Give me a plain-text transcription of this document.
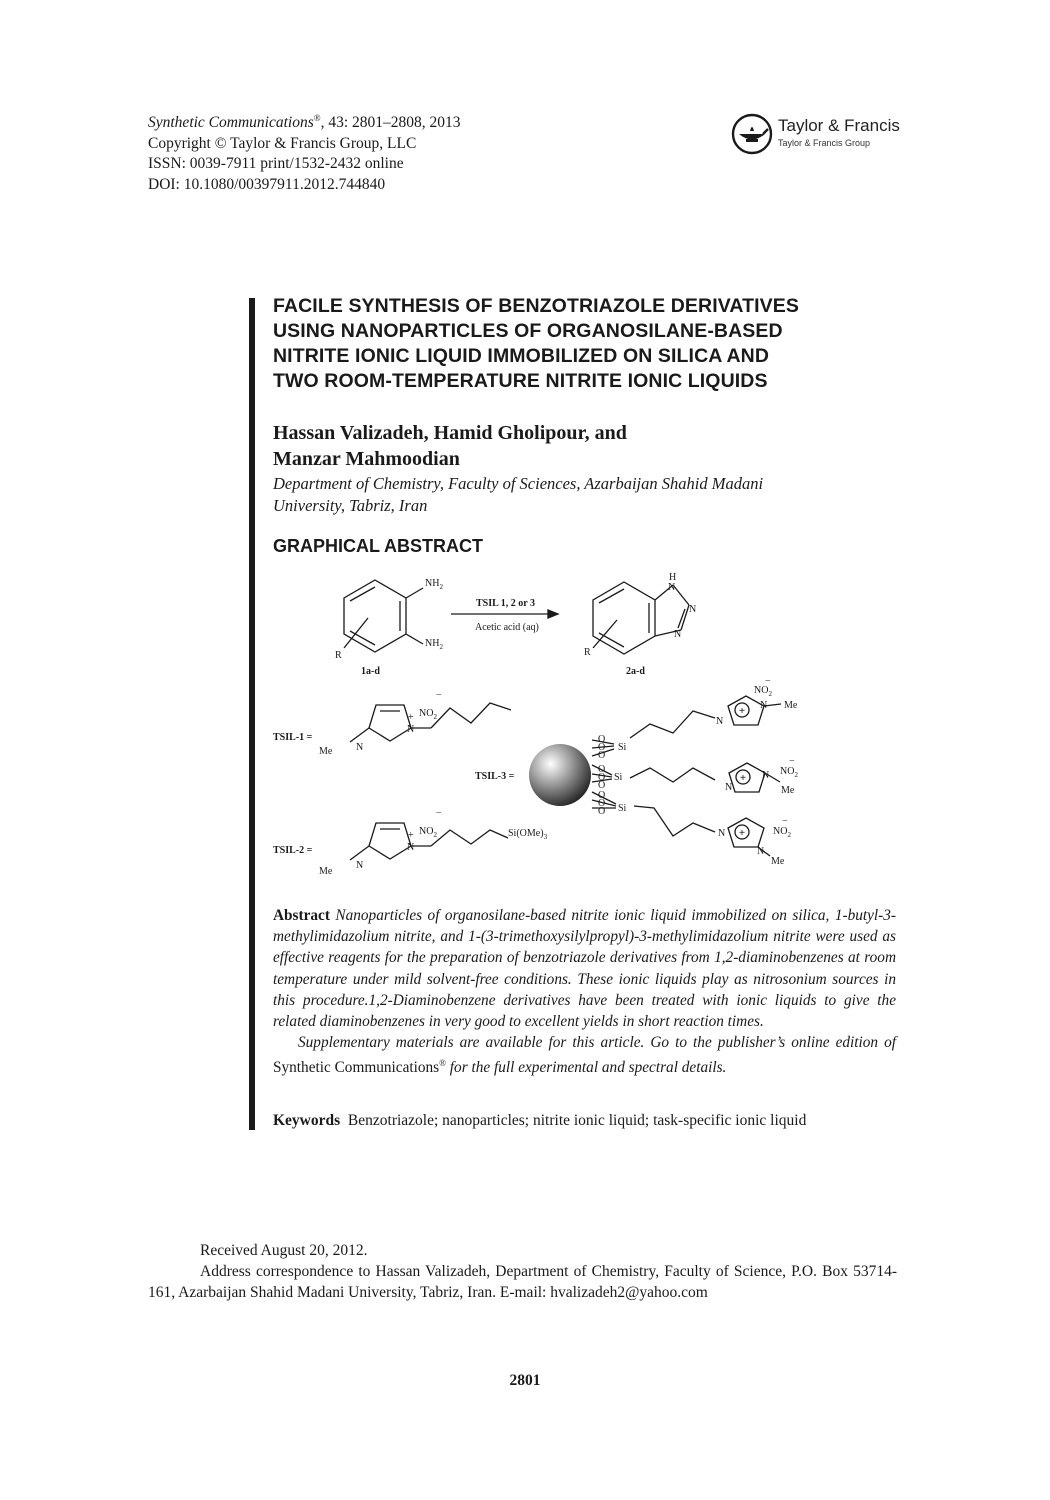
Synthetic Communications®, 43: 2801–2808, 2013
Copyright © Taylor & Francis Group, LLC
ISSN: 0039-7911 print/1532-2432 online
DOI: 10.1080/00397911.2012.744840
Taylor & Francis
Taylor & Francis Group
FACILE SYNTHESIS OF BENZOTRIAZOLE DERIVATIVES
USING NANOPARTICLES OF ORGANOSILANE-BASED
NITRITE IONIC LIQUID IMMOBILIZED ON SILICA AND
TWO ROOM-TEMPERATURE NITRITE IONIC LIQUIDS
Hassan Valizadeh, Hamid Gholipour, and
Manzar Mahmoodian
Department of Chemistry, Faculty of Sciences, Azarbaijan Shahid Madani
University, Tabriz, Iran
GRAPHICAL ABSTRACT
$NH_2$
$NH_2$
R
1a-d
TSIL 1, 2 or 3
Acetic acid (aq)
H
N
N
N
R
2a-d
TSIL-1 =
N
Me
N
+ $NO_2$
−
TSIL-2 =
N
Me
N
+ $NO_2$
−
$Si(OMe)_3$
TSIL-3 =
O
O
O
Si
O
O
O
Si
O
O
O Si
N
N Me
$NO_2$
−
N
N
Me
$NO_2$
−
N
N
Me
$NO_2$
−
+
+
+

Abstract Nanoparticles of organosilane-based nitrite ionic liquid immobilized on silica, 1-butyl-3-methylimidazolium nitrite, and 1-(3-trimethoxysilylpropyl)-3-methylimidazolium nitrite were used as effective reagents for the preparation of benzotriazole derivatives from 1,2-diaminobenzenes at room temperature under mild solvent-free conditions. These ionic liquids play as nitrosonium sources in this procedure.1,2-Diaminobenzene derivatives have been treated with ionic liquids to give the related diaminobenzenes in very good to excellent yields in short reaction times.

Supplementary materials are available for this article. Go to the publisher’s online edition of Synthetic Communications® for the full experimental and spectral details.

Keywords Benzotriazole; nanoparticles; nitrite ionic liquid; task-specific ionic liquid

Received August 20, 2012.

Address correspondence to Hassan Valizadeh, Department of Chemistry, Faculty of Science, P.O. Box 53714-161, Azarbaijan Shahid Madani University, Tabriz, Iran. E-mail: hvalizadeh2@yahoo.com

2801
